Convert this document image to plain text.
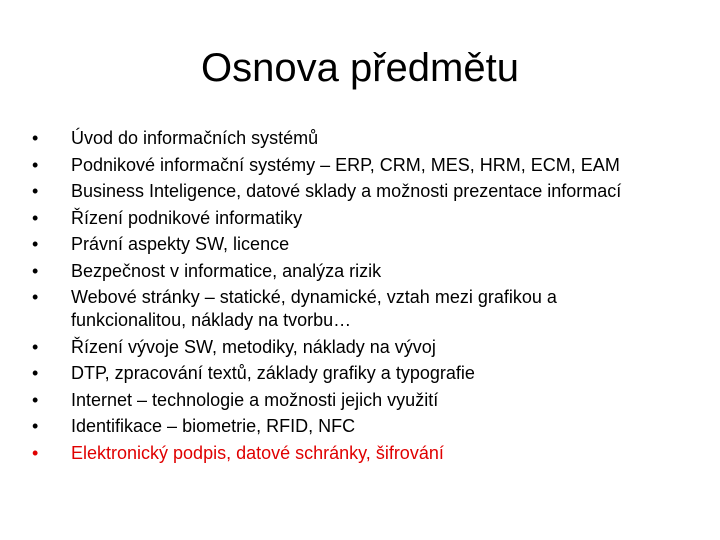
Osnova předmětu
•	Úvod do informačních systémů
•	Podnikové informační systémy – ERP, CRM, MES, HRM, ECM, EAM
•	Business Inteligence, datové sklady a možnosti prezentace informací
•	Řízení podnikové informatiky
•	Právní aspekty SW, licence
•	Bezpečnost v informatice, analýza rizik
•	Webové stránky – statické, dynamické, vztah mezi grafikou a funkcionalitou, náklady na tvorbu…
•	Řízení vývoje SW, metodiky, náklady na vývoj
•	DTP, zpracování textů, základy grafiky a typografie
•	Internet – technologie a možnosti jejich využití
•	Identifikace – biometrie, RFID, NFC
•	Elektronický podpis, datové schránky, šifrování
